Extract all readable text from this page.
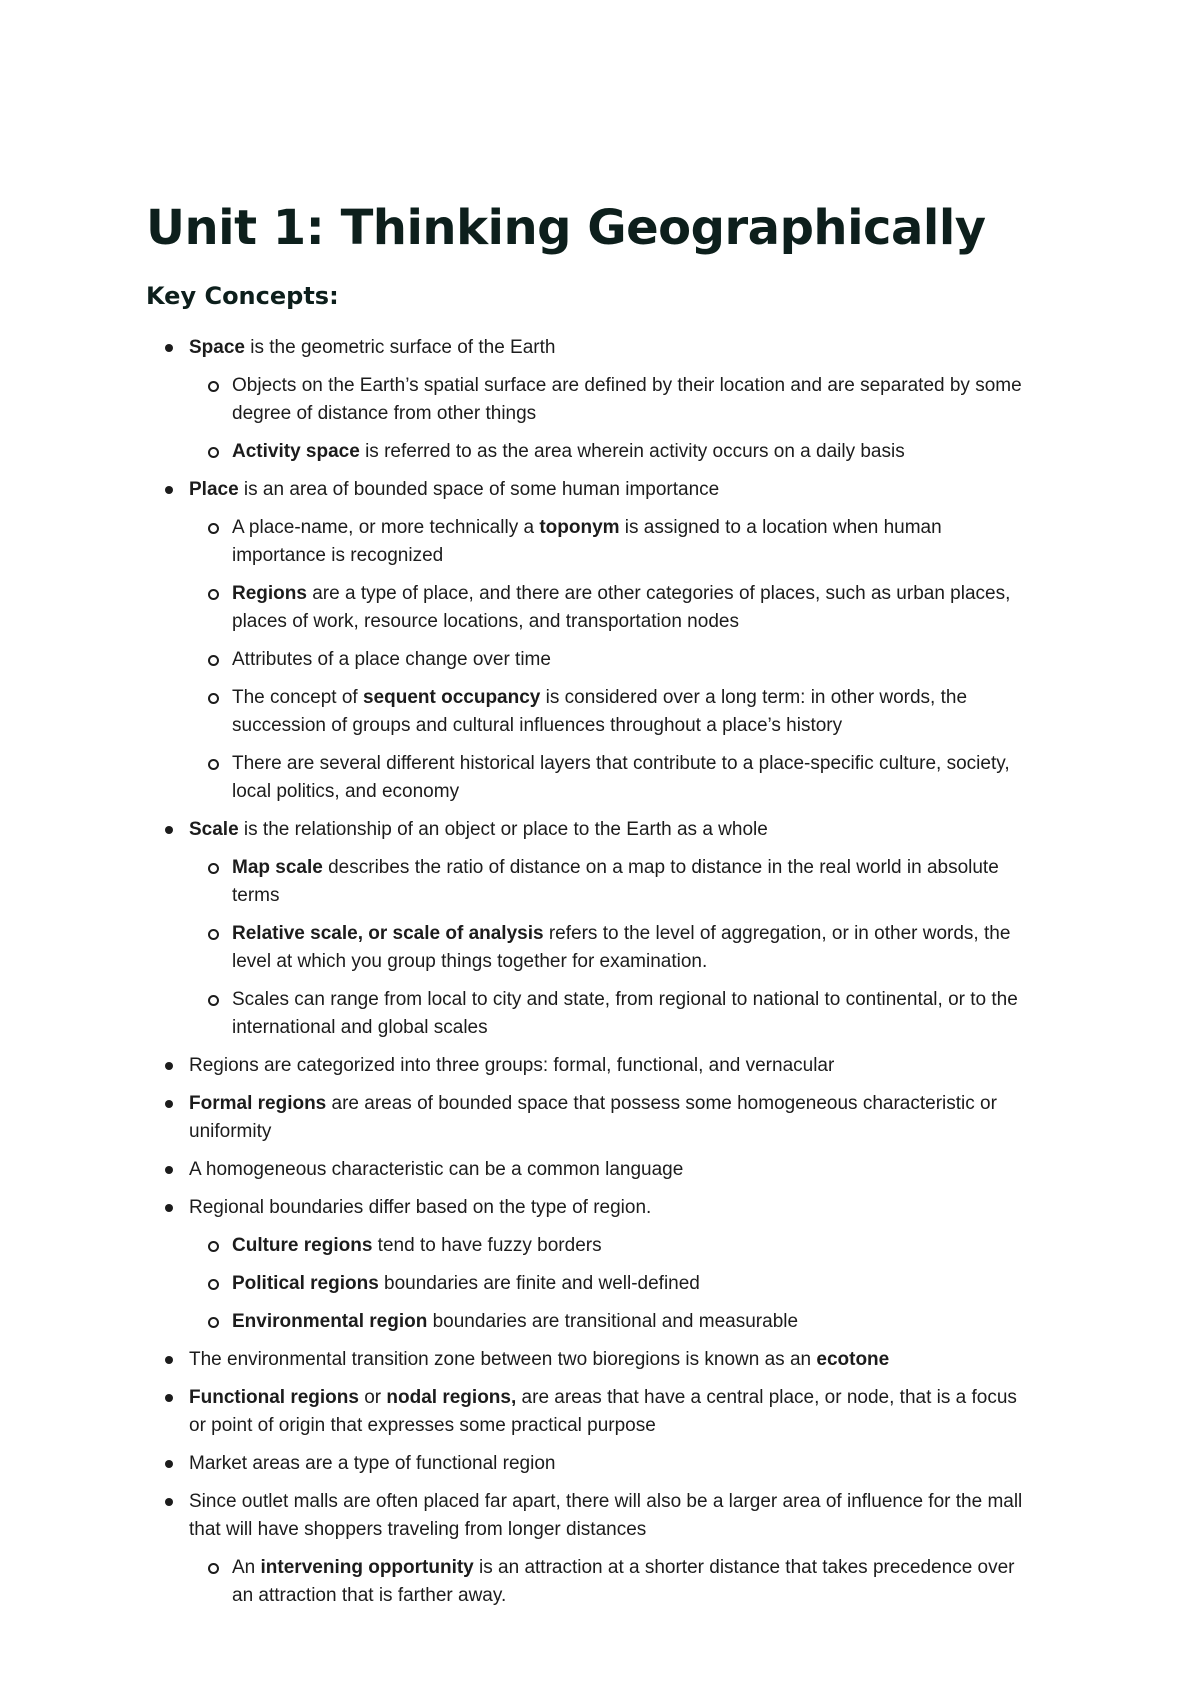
Unit 1: Thinking Geographically
Key Concepts:
Space is the geometric surface of the Earth
Objects on the Earth’s spatial surface are defined by their location and are separated by some degree of distance from other things
Activity space is referred to as the area wherein activity occurs on a daily basis
Place is an area of bounded space of some human importance
A place-name, or more technically a toponym is assigned to a location when human importance is recognized
Regions are a type of place, and there are other categories of places, such as urban places, places of work, resource locations, and transportation nodes
Attributes of a place change over time
The concept of sequent occupancy is considered over a long term: in other words, the succession of groups and cultural influences throughout a place’s history
There are several different historical layers that contribute to a place-specific culture, society, local politics, and economy
Scale is the relationship of an object or place to the Earth as a whole
Map scale describes the ratio of distance on a map to distance in the real world in absolute terms
Relative scale, or scale of analysis refers to the level of aggregation, or in other words, the level at which you group things together for examination.
Scales can range from local to city and state, from regional to national to continental, or to the international and global scales
Regions are categorized into three groups: formal, functional, and vernacular
Formal regions are areas of bounded space that possess some homogeneous characteristic or uniformity
A homogeneous characteristic can be a common language
Regional boundaries differ based on the type of region.
Culture regions tend to have fuzzy borders
Political regions boundaries are finite and well-defined
Environmental region boundaries are transitional and measurable
The environmental transition zone between two bioregions is known as an ecotone
Functional regions or nodal regions, are areas that have a central place, or node, that is a focus or point of origin that expresses some practical purpose
Market areas are a type of functional region
Since outlet malls are often placed far apart, there will also be a larger area of influence for the mall that will have shoppers traveling from longer distances
An intervening opportunity is an attraction at a shorter distance that takes precedence over an attraction that is farther away.
